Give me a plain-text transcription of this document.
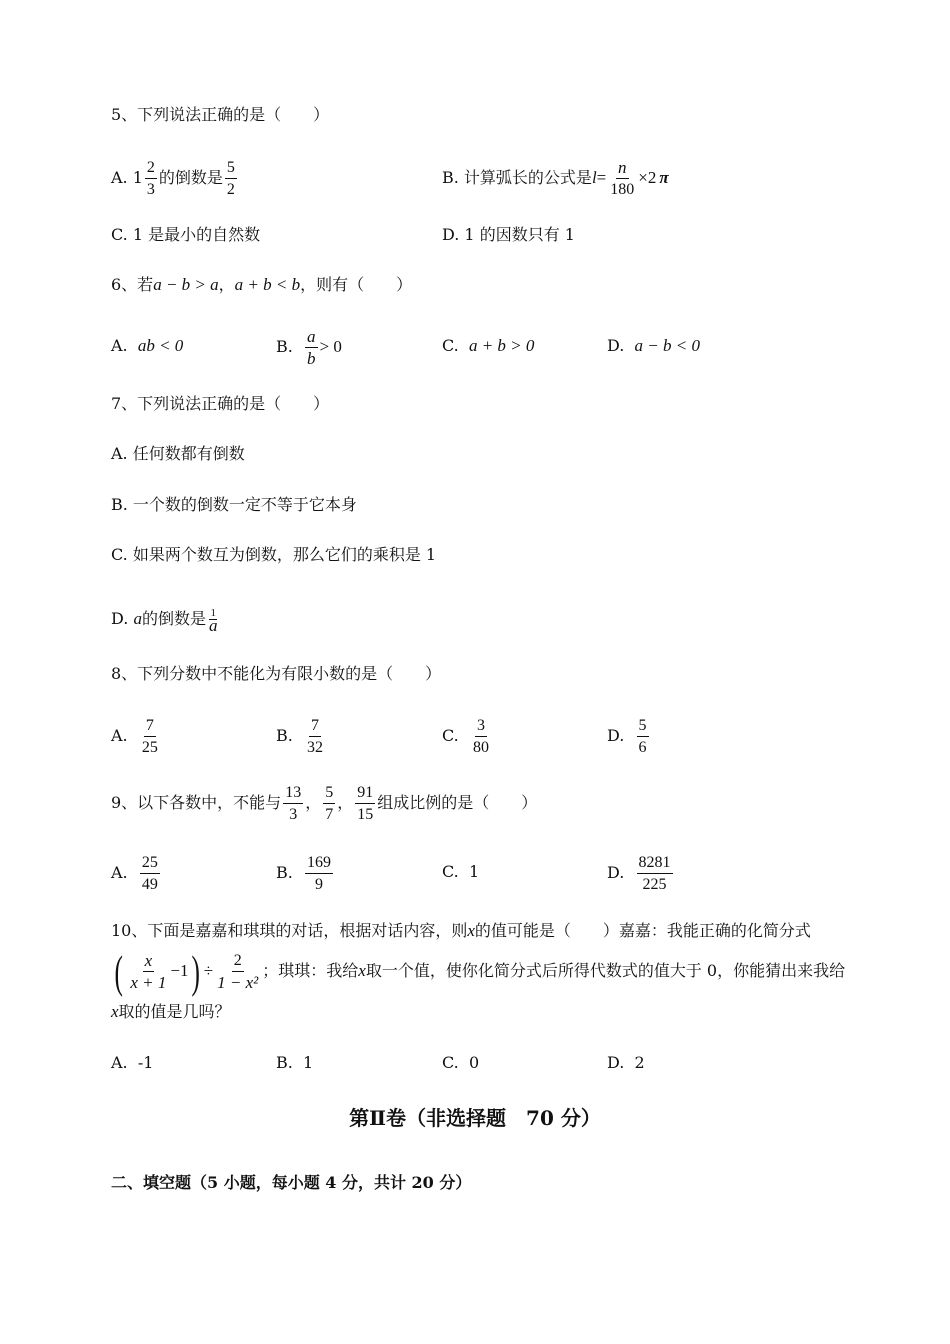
5、下列说法正确的是（　　）
A. $1 \frac{2}{3}$ 的倒数是 $\frac{5}{2}$	B. 计算弧长的公式是$l= \frac{n}{180} \times 2$ π
C. 1 是最小的自然数	D. 1 的因数只有 1
6、若a − b > a，a + b < b，则有（　　）
A. ab < 0	B. $\frac{a}{b} > 0$	C. a + b > 0	D. a − b < 0
7、下列说法正确的是（　　）
A. 任何数都有倒数
B. 一个数的倒数一定不等于它本身
C. 如果两个数互为倒数，那么它们的乘积是 1
D. a的倒数是 $\frac{1}{a}$
8、下列分数中不能化为有限小数的是（　　）
A. $\frac{7}{25}$	B. $\frac{7}{32}$	C. $\frac{3}{80}$	D. $\frac{5}{6}$
9、以下各数中，不能与 $\frac{13}{3}$ ， $\frac{5}{7}$ ， $\frac{91}{15}$ 组成比例的是（　　）
A. $\frac{25}{49}$	B. $\frac{169}{9}$	C. 1	D. $\frac{8281}{225}$
10、下面是嘉嘉和琪琪的对话，根据对话内容，则x的值可能是（　　）嘉嘉：我能正确的化简分式
( $\frac{x}{x + 1} -1) \div \frac{2}{\text{1 − x²}}$ ；琪琪：我给x取一个值，使你化简分式后所得代数式的值大于 0，你能猜出来我给
x取的值是几吗？
A. -1	B. 1	C. 0	D. 2
第Ⅱ卷（非选择题　70 分）
二、填空题（5 小题，每小题 4 分，共计 20 分）
